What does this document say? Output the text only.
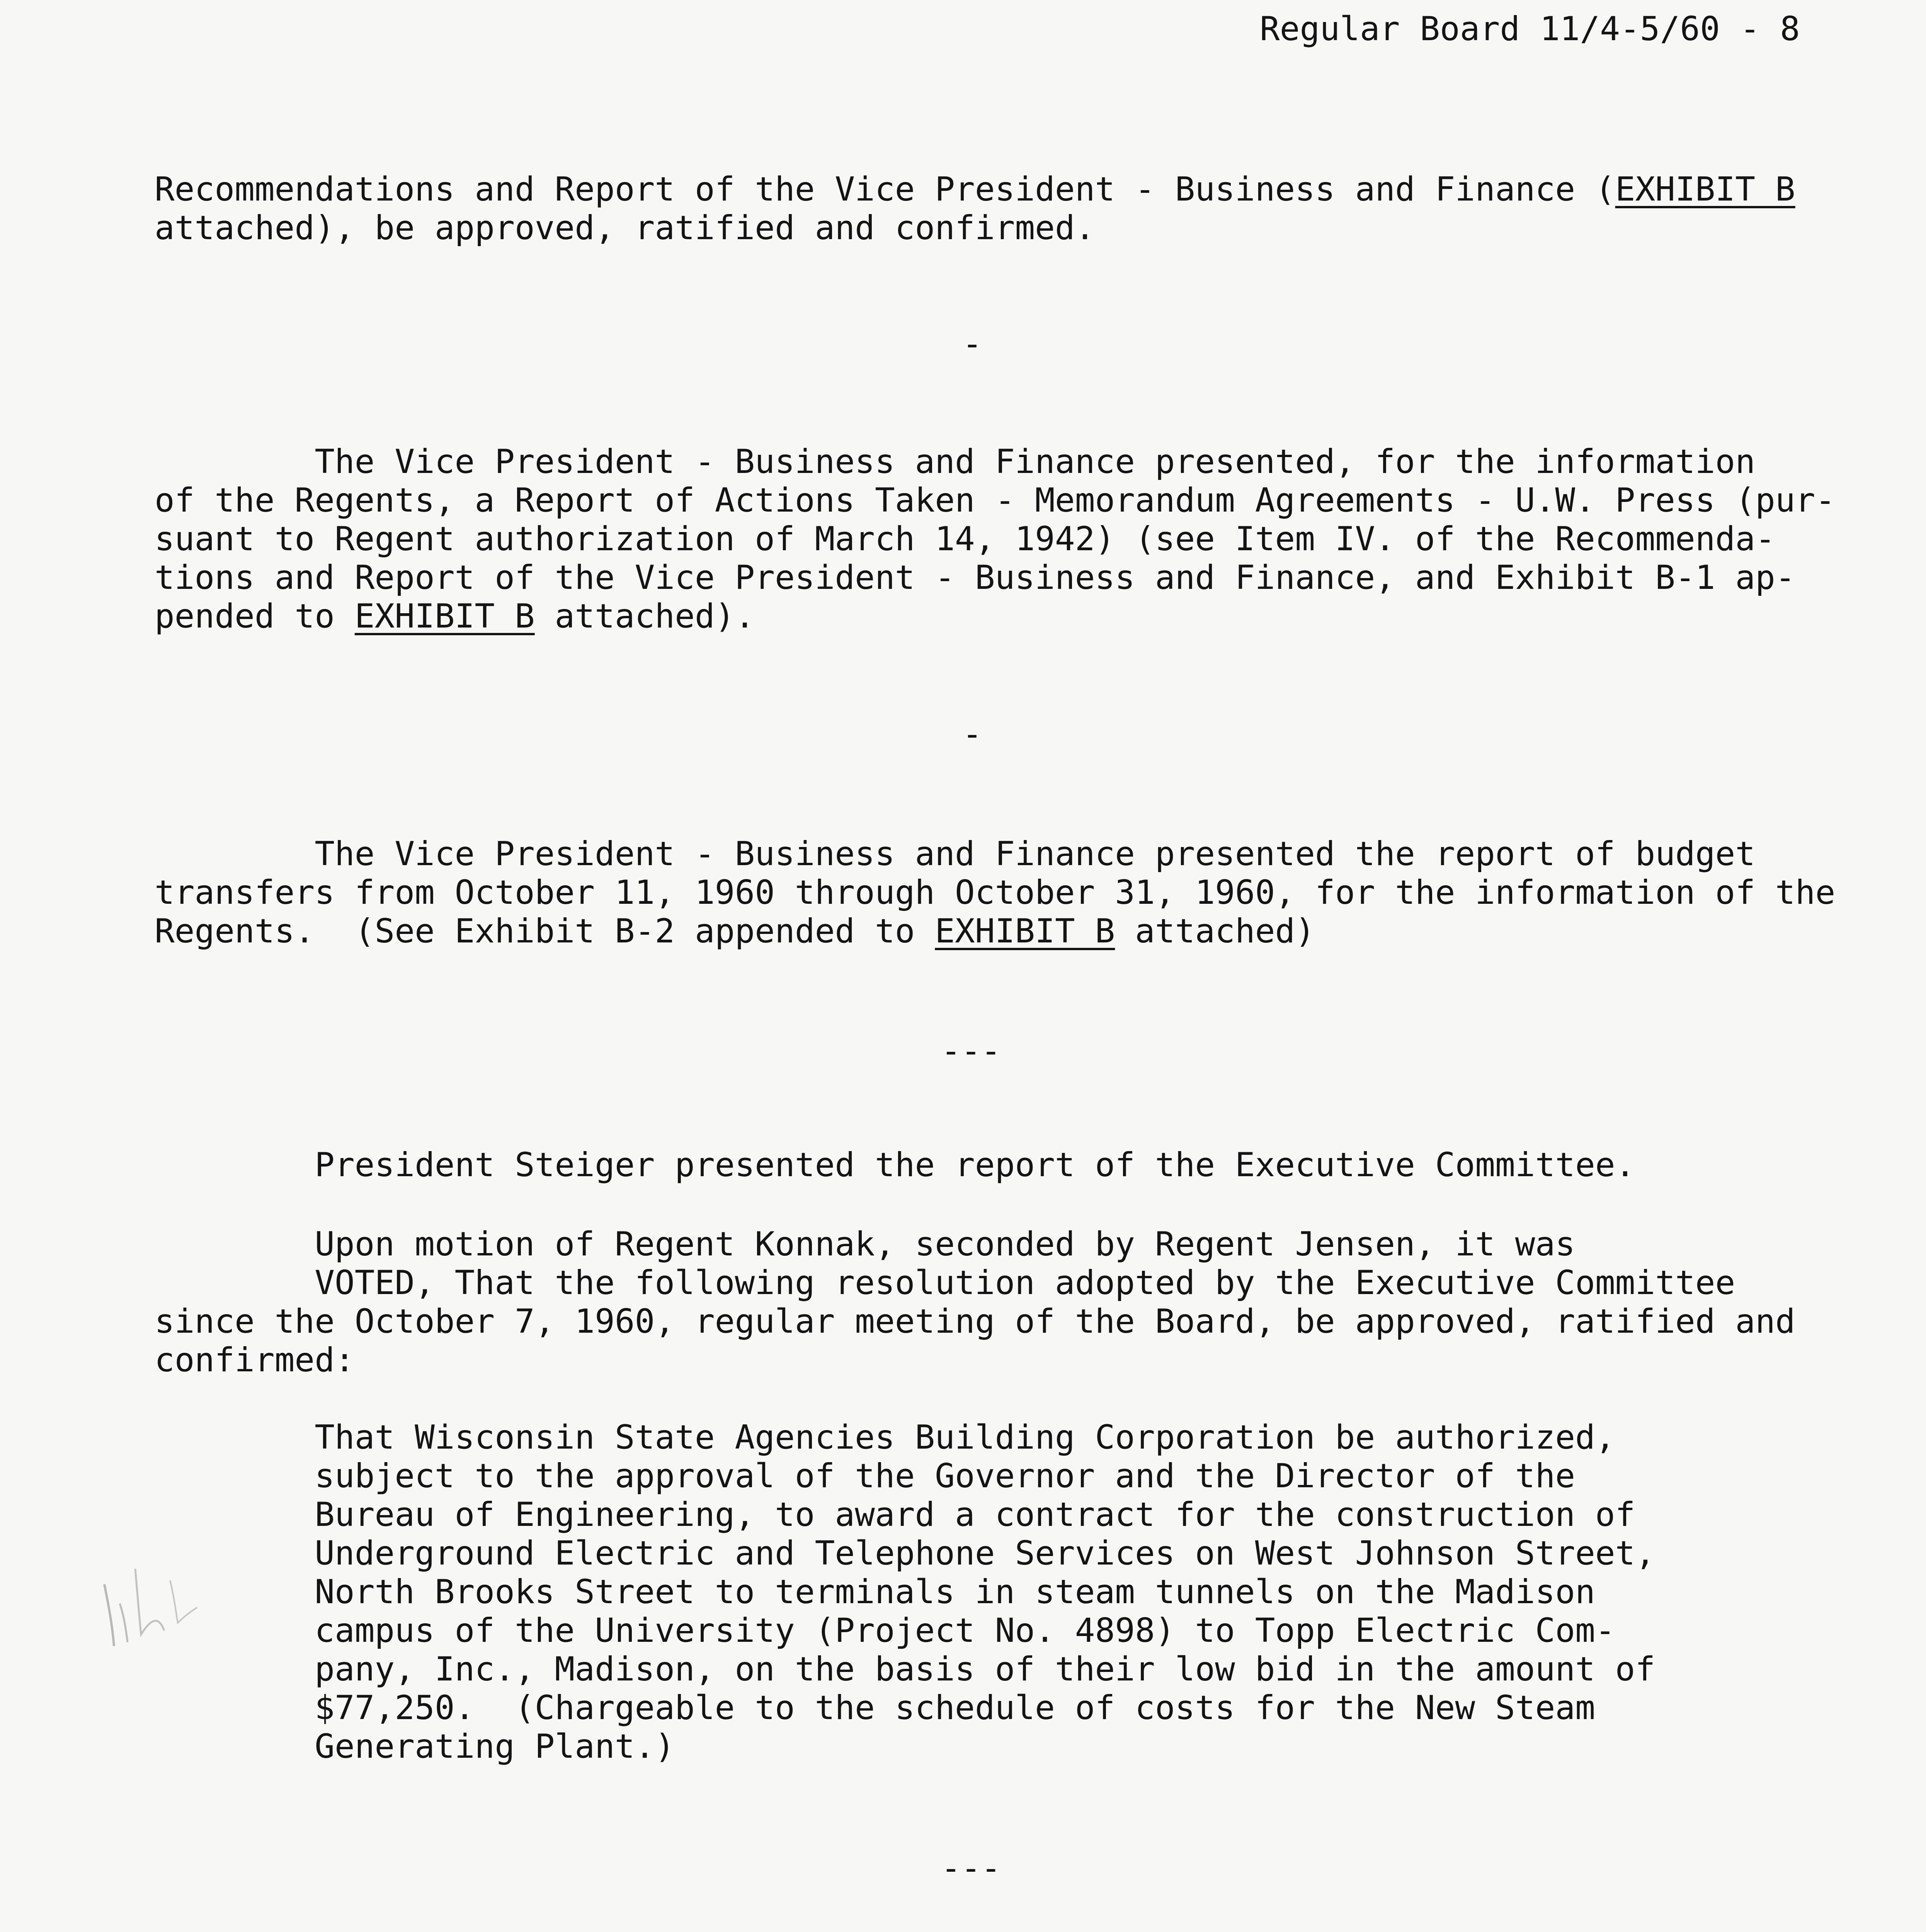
Regular Board 11/4-5/60 - 8
Recommendations and Report of the Vice President - Business and Finance (EXHIBIT B
attached), be approved, ratified and confirmed.
-
The Vice President - Business and Finance presented, for the information
of the Regents, a Report of Actions Taken - Memorandum Agreements - U.W. Press (pur-
suant to Regent authorization of March 14, 1942) (see Item IV. of the Recommenda-
tions and Report of the Vice President - Business and Finance, and Exhibit B-1 ap-
pended to EXHIBIT B attached).
-
The Vice President - Business and Finance presented the report of budget
transfers from October 11, 1960 through October 31, 1960, for the information of the
Regents.  (See Exhibit B-2 appended to EXHIBIT B attached)
---
President Steiger presented the report of the Executive Committee.
Upon motion of Regent Konnak, seconded by Regent Jensen, it was
VOTED, That the following resolution adopted by the Executive Committee
since the October 7, 1960, regular meeting of the Board, be approved, ratified and
confirmed:
That Wisconsin State Agencies Building Corporation be authorized,
subject to the approval of the Governor and the Director of the
Bureau of Engineering, to award a contract for the construction of
Underground Electric and Telephone Services on West Johnson Street,
North Brooks Street to terminals in steam tunnels on the Madison
campus of the University (Project No. 4898) to Topp Electric Com-
pany, Inc., Madison, on the basis of their low bid in the amount of
$77,250.  (Chargeable to the schedule of costs for the New Steam
Generating Plant.)
---
